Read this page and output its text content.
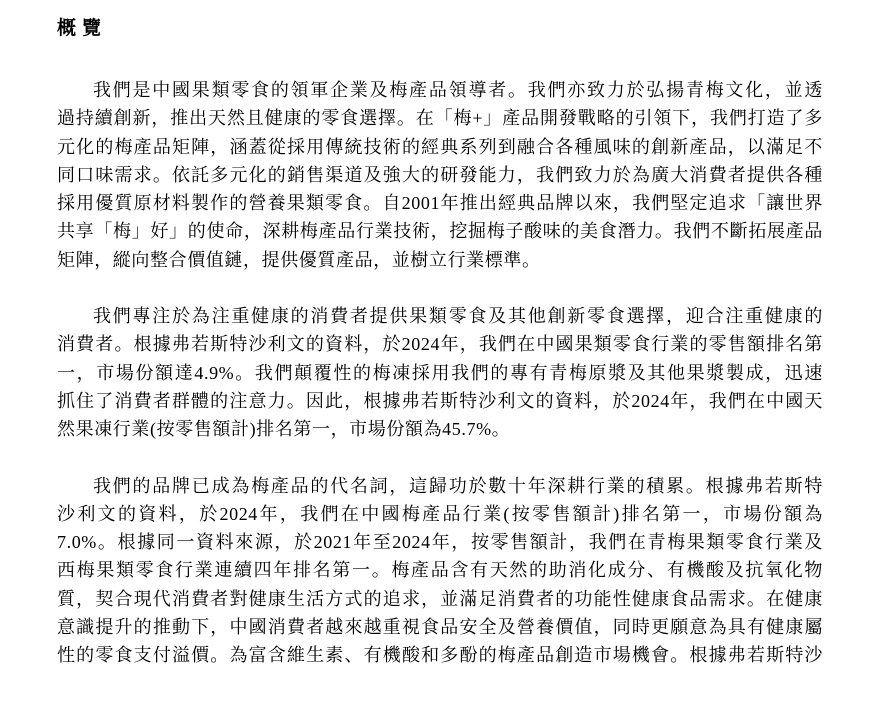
概覽
我們是中國果類零食的領軍企業及梅產品領導者。我們亦致力於弘揚青梅文化，並透
過持續創新，推出天然且健康的零食選擇。在「梅+」產品開發戰略的引領下，我們打造了多
元化的梅產品矩陣，涵蓋從採用傳統技術的經典系列到融合各種風味的創新產品，以滿足不
同口味需求。依託多元化的銷售渠道及強大的研發能力，我們致力於為廣大消費者提供各種
採用優質原材料製作的營養果類零食。自2001年推出經典品牌以來，我們堅定追求「讓世界
共享「梅」好」的使命，深耕梅產品行業技術，挖掘梅子酸味的美食潛力。我們不斷拓展產品
矩陣，縱向整合價值鏈，提供優質產品，並樹立行業標準。
我們專注於為注重健康的消費者提供果類零食及其他創新零食選擇，迎合注重健康的
消費者。根據弗若斯特沙利文的資料，於2024年，我們在中國果類零食行業的零售額排名第
一，市場份額達4.9%。我們顛覆性的梅凍採用我們的專有青梅原漿及其他果漿製成，迅速
抓住了消費者群體的注意力。因此，根據弗若斯特沙利文的資料，於2024年，我們在中國天
然果凍行業(按零售額計)排名第一，市場份額為45.7%。
我們的品牌已成為梅產品的代名詞，這歸功於數十年深耕行業的積累。根據弗若斯特
沙利文的資料，於2024年，我們在中國梅產品行業(按零售額計)排名第一，市場份額為
7.0%。根據同一資料來源，於2021年至2024年，按零售額計，我們在青梅果類零食行業及
西梅果類零食行業連續四年排名第一。梅產品含有天然的助消化成分、有機酸及抗氧化物
質，契合現代消費者對健康生活方式的追求，並滿足消費者的功能性健康食品需求。在健康
意識提升的推動下，中國消費者越來越重視食品安全及營養價值，同時更願意為具有健康屬
性的零食支付溢價。為富含維生素、有機酸和多酚的梅產品創造市場機會。根據弗若斯特沙
